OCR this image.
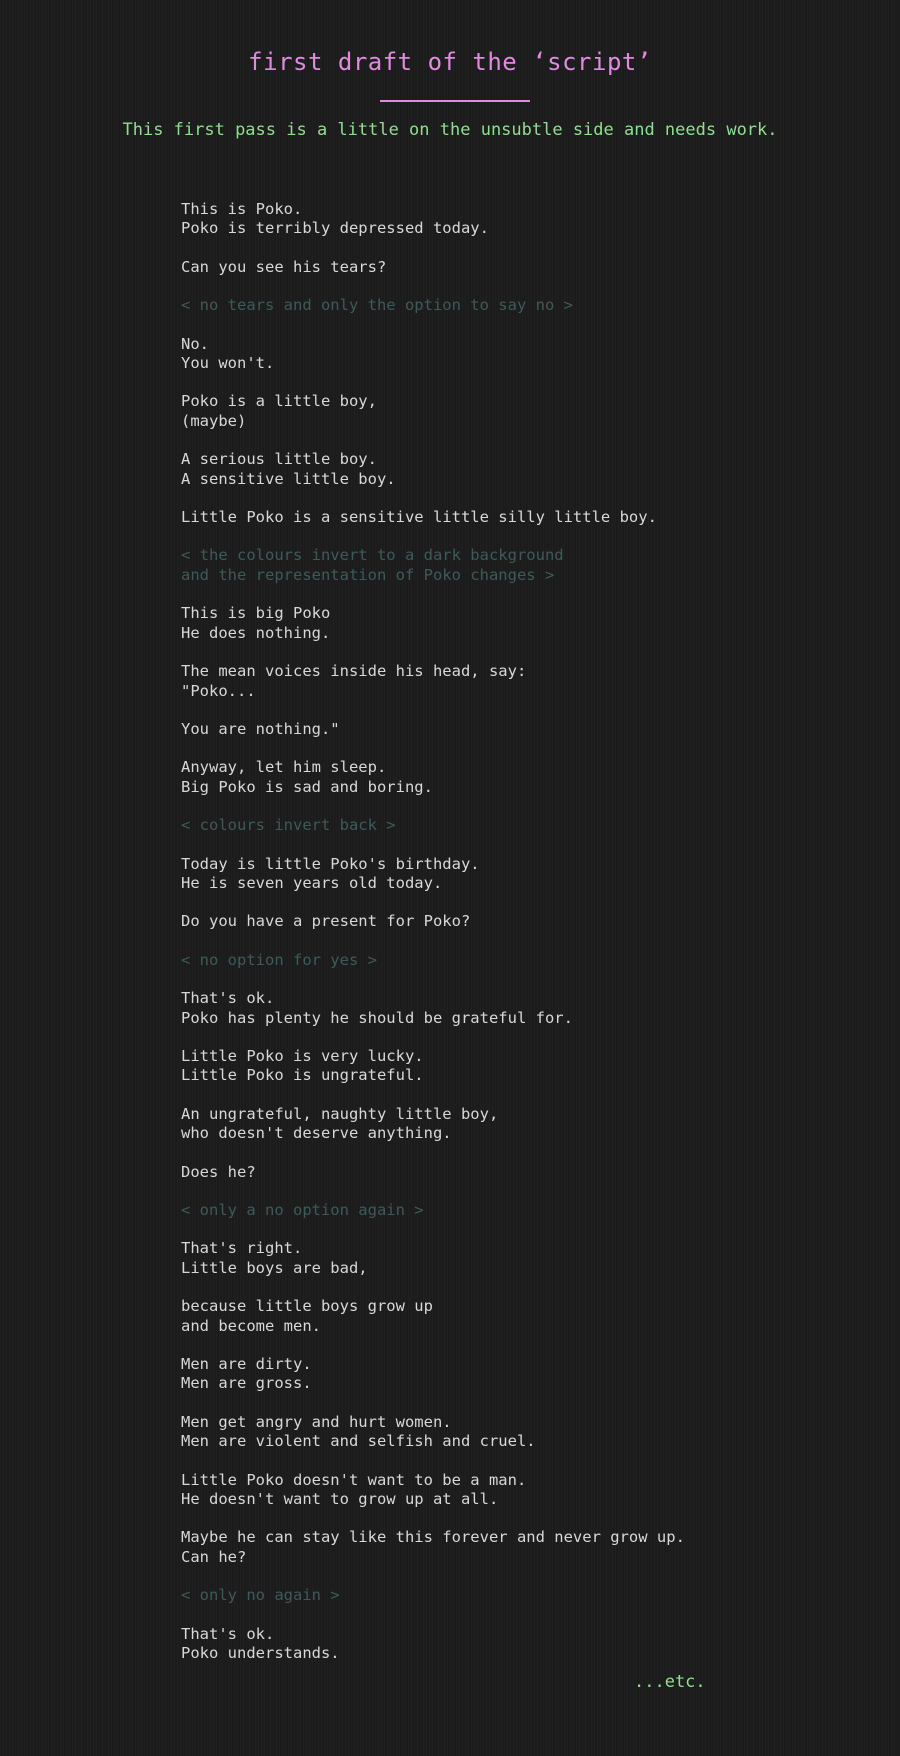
first draft of the ‘script’

This first pass is a little on the unsubtle side and needs work.

This is Poko.
Poko is terribly depressed today.
Can you see his tears?
< no tears and only the option to say no >
No.
You won't.
Poko is a little boy,
(maybe)
A serious little boy.
A sensitive little boy.
Little Poko is a sensitive little silly little boy.
< the colours invert to a dark background
and the representation of Poko changes >
This is big Poko
He does nothing.
The mean voices inside his head, say:
"Poko...
You are nothing."
Anyway, let him sleep.
Big Poko is sad and boring.
< colours invert back >
Today is little Poko's birthday.
He is seven years old today.
Do you have a present for Poko?
< no option for yes >
That's ok.
Poko has plenty he should be grateful for.
Little Poko is very lucky.
Little Poko is ungrateful.
An ungrateful, naughty little boy,
who doesn't deserve anything.
Does he?
< only a no option again >
That's right.
Little boys are bad,
because little boys grow up
and become men.
Men are dirty.
Men are gross.
Men get angry and hurt women.
Men are violent and selfish and cruel.
Little Poko doesn't want to be a man.
He doesn't want to grow up at all.
Maybe he can stay like this forever and never grow up.
Can he?
< only no again >
That's ok.
Poko understands.
...etc.
